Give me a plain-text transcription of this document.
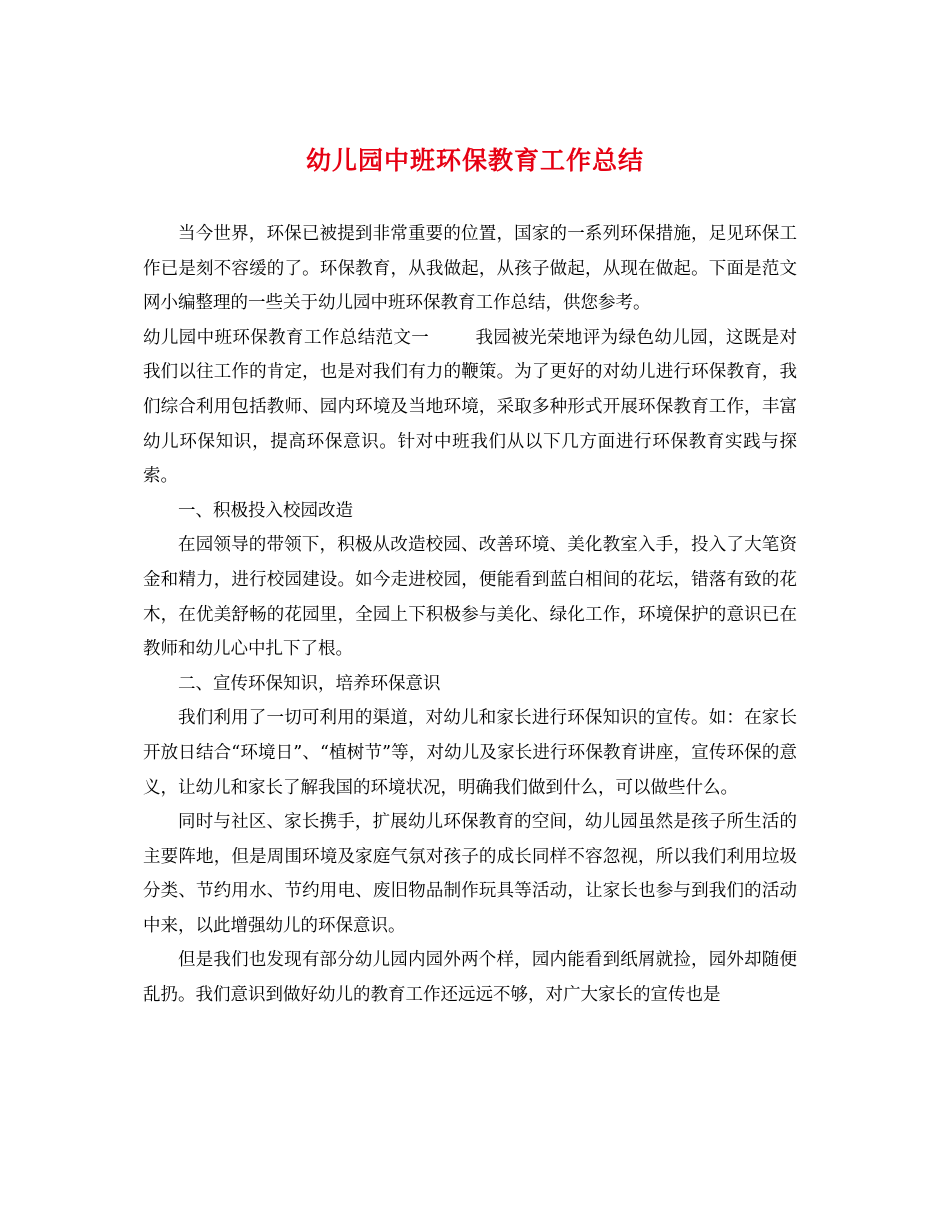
幼儿园中班环保教育工作总结

当今世界，环保已被提到非常重要的位置，国家的一系列环保措施，足见环保工作已是刻不容缓的了。环保教育，从我做起，从孩子做起，从现在做起。下面是范文网小编整理的一些关于幼儿园中班环保教育工作总结，供您参考。

幼儿园中班环保教育工作总结范文一	我园被光荣地评为绿色幼儿园，这既是对我们以往工作的肯定，也是对我们有力的鞭策。为了更好的对幼儿进行环保教育，我们综合利用包括教师、园内环境及当地环境，采取多种形式开展环保教育工作，丰富幼儿环保知识，提高环保意识。针对中班我们从以下几方面进行环保教育实践与探索。

一、积极投入校园改造

在园领导的带领下，积极从改造校园、改善环境、美化教室入手，投入了大笔资金和精力，进行校园建设。如今走进校园，便能看到蓝白相间的花坛，错落有致的花木，在优美舒畅的花园里，全园上下积极参与美化、绿化工作，环境保护的意识已在教师和幼儿心中扎下了根。

二、宣传环保知识，培养环保意识

我们利用了一切可利用的渠道，对幼儿和家长进行环保知识的宣传。如：在家长开放日结合“环境日”、“植树节”等，对幼儿及家长进行环保教育讲座，宣传环保的意义，让幼儿和家长了解我国的环境状况，明确我们做到什么，可以做些什么。

同时与社区、家长携手，扩展幼儿环保教育的空间，幼儿园虽然是孩子所生活的主要阵地，但是周围环境及家庭气氛对孩子的成长同样不容忽视，所以我们利用垃圾分类、节约用水、节约用电、废旧物品制作玩具等活动，让家长也参与到我们的活动中来，以此增强幼儿的环保意识。

但是我们也发现有部分幼儿园内园外两个样，园内能看到纸屑就捡，园外却随便乱扔。我们意识到做好幼儿的教育工作还远远不够，对广大家长的宣传也是
